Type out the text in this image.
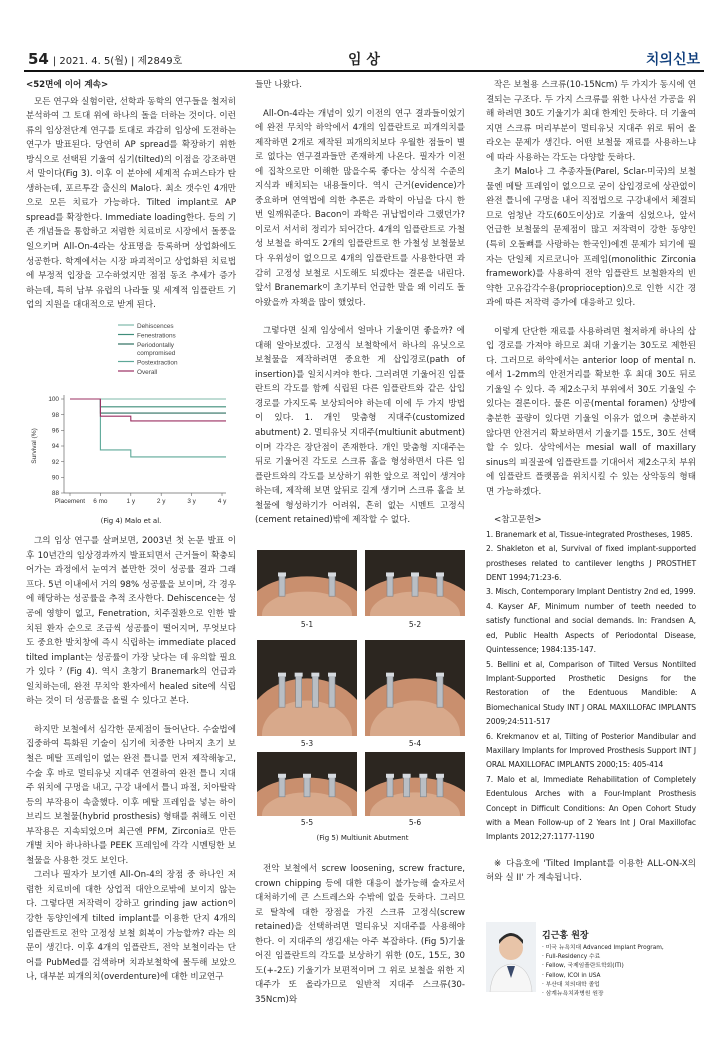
54 | 2021. 4. 5(월) | 제2849호	임 상	치의신보
<52면에 이어 계속>

모든 연구와 실험이란, 선학과 동학의 연구들을 철저히 분석하여 그 토대 위에 하나의 돌을 더하는 것이다. 이런 류의 임상전단계 연구를 토대로 과감히 임상에 도전하는 연구가 발표된다. 당연히 AP spread를 확장하기 위한 방식으로 선택된 기울여 심기(tilted)의 이점을 강조하면서 말이다(Fig 3). 이후 이 분야에 세계적 슈퍼스타가 탄생하는데, 포르투갈 출신의 Malo다. 최소 갯수인 4개만으로 모든 치료가 가능하다. Tilted implant로 AP spread를 확장한다. Immediate loading한다. 등의 기존 개념들을 통합하고 저렴한 치료비로 시장에서 돌풍을 일으키며 All-On-4라는 상표명을 등록하며 상업화에도 성공한다. 학계에서는 시장 파괴적이고 상업화된 치료법에 부정적 입장을 고수하였지만 점점 동조 추세가 증가하는데, 특히 남부 유럽의 나라들 및 세계적 임플란트 기업의 지원을 대대적으로 받게 된다.

Dehiscences
Fenestrations
Periodontally
compromised
Postextraction
Overall
88
90
92
94
96
98
100
Placement 6 mo	1 y	2 y	3 y	4 y
Survival (%)
(Fig 4) Malo et al.

그의 임상 연구를 살펴보면, 2003년 첫 논문 발표 이후 10년간의 임상경과까지 발표되면서 근거들이 확충되어가는 과정에서 눈여겨 볼만한 것이 성공률 결과 그래프다. 5년 이내에서 거의 98% 성공률을 보이며, 각 경우에 해당하는 성공률을 추적 조사한다. Dehiscence는 성공에 영향이 없고, Fenetration, 치주질환으로 인한 발치된 환자 순으로 조금씩 성공률이 떨어지며, 무엇보다도 중요한 발치창에 즉시 식립하는 immediate placed tilted implant는 성공률이 가장 낮다는 데 유의할 필요가 있다 ⁷ (Fig 4). 역시 초창기 Branemark의 언급과 일치하는데, 완전 무치악 환자에서 healed site에 식립하는 것이 더 성공률을 올릴 수 있다고 본다.

하지만 보철에서 심각한 문제점이 들어난다. 수술법에 집중하여 특화된 기술이 심기에 치중한 나머지 초기 보철은 메탈 프레임이 없는 완전 틀니를 먼저 제작해놓고, 수술 후 바로 멀티유닛 지대주 연결하여 완전 틀니 지대주 위치에 구멍을 내고, 구강 내에서 틀니 파절, 치아탈락 등의 부작용이 속출했다. 이후 메탈 프레임을 넣는 하이브리드 보철물(hybrid prosthesis) 형태를 취해도 이런 부작용은 지속되었으며 최근엔 PFM, Zirconia로 만든 개별 치아 하나하나를 PEEK 프레임에 각각 시멘팅한 보철물을 사용한 것도 보인다.

그러나 필자가 보기엔 All-On-4의 장점 중 하나인 저렴한 치료비에 대한 상업적 대안으로밖에 보이지 않는다. 그렇다면 저작력이 강하고 grinding jaw action이 강한 동양인에게 tilted implant를 이용한 단지 4개의 임플란트로 전악 고정성 보철 회복이 가능할까? 라는 의문이 생긴다. 이후 4개의 임플란트, 전악 보철이라는 단어를 PubMed를 검색하며 치과보철학에 몰두해 보았으나, 대부분 피개의치(overdenture)에 대한 비교연구

들만 나왔다.

All-On-4라는 개념이 있기 이전의 연구 결과들이었기에 완전 무치악 하악에서 4개의 임플란트로 피개의치를 제작하면 2개로 제작된 피개의치보다 우월한 점들이 별로 없다는 연구결과들만 존재하게 나온다. 필자가 이전에 집착으로만 이해한 많을수록 좋다는 상식적 수준의 지식과 배치되는 내용들이다. 역시 근거(evidence)가 중요하며 연역법에 의한 추론은 과학이 아님을 다시 한 번 일깨워준다. Bacon이 과학은 귀납법이라 그랬던가? 이로서 서서히 정리가 되어간다. 4개의 임플란트로 가철성 보철을 하여도 2개의 임플란트로 한 가철성 보철물보다 우위성이 없으므로 4개의 임플란트를 사용한다면 과감히 고정성 보철로 시도해도 되겠다는 결론을 내린다. 앞서 Branemark이 초기부터 언급한 말을 왜 이리도 돌아왔을까 자책을 많이 했었다.

그렇다면 실제 임상에서 얼마나 기울이면 좋을까? 에 대해 알아보겠다. 고정식 보철학에서 하나의 유닛으로 보철물을 제작하려면 중요한 게 삽입경로(path of insertion)를 일치시켜야 한다. 그러려면 기울어진 임플란트의 각도를 함께 식립된 다른 임플란트와 같은 삽입경로를 가지도록 보상되어야 하는데 이에 두 가지 방법이 있다. 1. 개인 맞춤형 지대주(customized abutment) 2. 멀티유닛 지대주(multiunit abutment) 이며 각각은 장단점이 존재한다. 개인 맞춤형 지대주는 뒤로 기울어진 각도로 스크류 홀을 형성하면서 다른 임플란트와의 각도를 보상하기 위한 앞으로 적입이 생겨야 하는데, 제작해 보면 앞뒤로 길게 생기며 스크류 홀을 보철물에 형성하기가 어려워, 흔히 없는 시멘트 고정식(cement retained)밖에 제작할 수 없다.

5-1	5-2
5-3	5-4
5-5	5-6
(Fig 5) Multiunit Abutment

전악 보철에서 screw loosening, screw fracture, crown chipping 등에 대한 대응이 불가능해 술자로서 대처하기에 큰 스트레스와 수밖에 없을 듯하다. 그러므로 탈착에 대한 장점을 가진 스크류 고정식(screw retained)을 선택하려면 멀티유닛 지대주를 사용해야 한다. 이 지대주의 생김새는 아주 복잡하다. (Fig 5)기울어진 임플란트의 각도를 보상하기 위한 (0도, 15도, 30도(+-2도) 기울기가 보편적이며 그 위로 보철을 위한 지대주가 또 올라가므로 일반적 지대주 스크류(30-35Ncm)와

작은 보철용 스크류(10-15Ncm) 두 가지가 동시에 연결되는 구조다. 두 가지 스크류를 위한 나사선 가공을 위해 하려면 30도 기울기가 최대 한계인 듯하다. 더 기울여지면 스크류 머리부분이 멀티유닛 지대주 위로 튀어 올라오는 문제가 생긴다. 어떤 보철물 재료를 사용하느냐에 따라 사용하는 각도는 다양할 듯하다.

초기 Malo나 그 추종자들(Parel, Sclar-미국)의 보철물엔 메탈 프레임이 없으므로 굳이 삽입경로에 상관없이 완전 틀니에 구멍을 내어 직접법으로 구강내에서 체결되므로 엄청난 각도(60도이상)로 기울여 심었으나, 앞서 언급한 보철물의 문제점이 많고 저작력이 강한 동양인(특히 오돌뼈를 사랑하는 한국인)에겐 문제가 되기에 필자는 단일체 지르코니아 프레임(monolithic Zirconia framework)를 사용하여 전악 임플란트 보철환자의 빈약한 고유감각수용(proprioception)으로 인한 시간 경과에 따른 저작력 증가에 대응하고 있다.

이렇게 단단한 재료를 사용하려면 철저하게 하나의 삽입 경로를 가져야 하므로 최대 기울기는 30도로 제한된다. 그러므로 하악에서는 anterior loop of mental n.에서 1-2mm의 안전거리를 확보한 후 최대 30도 뒤로 기울일 수 있다. 즉 제2소구치 부위에서 30도 기울일 수 있다는 결론이다. 물론 이공(mental foramen) 상방에 충분한 골량이 있다면 기울일 이유가 없으며 충분하지 않다면 안전거리 확보하면서 기울기를 15도, 30도 선택할 수 있다. 상악에서는 mesial wall of maxillary sinus의 피질골에 임플란트를 기대어서 제2소구치 부위에 임플란트 플랫폼을 위치시킬 수 있는 상악동의 형태면 가능하겠다.

<참고문헌>
1. Branemark et al, Tissue-integrated Prostheses, 1985.
2. Shakleton et al, Survival of fixed implant-supported prostheses related to cantilever lengths J PROSTHET DENT 1994;71:23-6.
3. Misch, Contemporary Implant Dentistry 2nd ed, 1999.
4. Kayser AF, Minimum number of teeth needed to satisfy functional and social demands. In: Frandsen A, ed, Public Health Aspects of Periodontal Disease, Quintessence; 1984:135-147.
5. Bellini et al, Comparison of Tilted Versus Nontilted Implant-Supported Prosthetic Designs for the Restoration of the Edentuous Mandible: A Biomechanical Study INT J ORAL MAXILLOFAC IMPLANTS 2009;24:511-517
6. Krekmanov et al, Tilting of Posterior Mandibular and Maxillary Implants for Improved Prosthesis Support INT J ORAL MAXILLOFAC IMPLANTS 2000;15: 405-414
7. Malo et al, Immediate Rehabilitation of Completely Edentulous Arches with a Four-Implant Prosthesis Concept in Difficult Conditions: An Open Cohort Study with a Mean Follow-up of 2 Years Int J Oral Maxillofac Implants 2012;27:1177-1190
※ 다음호에 'Tilted Implant를 이용한 ALL-ON-X의 허와 실 II' 가 계속됩니다.
김근홍 원장
· 미국 뉴욕치대 Advanced Implant Program,
· Full-Residency 수료
· Fellow, 국제임플란트학회(ITI)
· Fellow, ICOI in USA
· 부산대 치의대학 졸업
· 삼계뉴욕치과병원 원장
